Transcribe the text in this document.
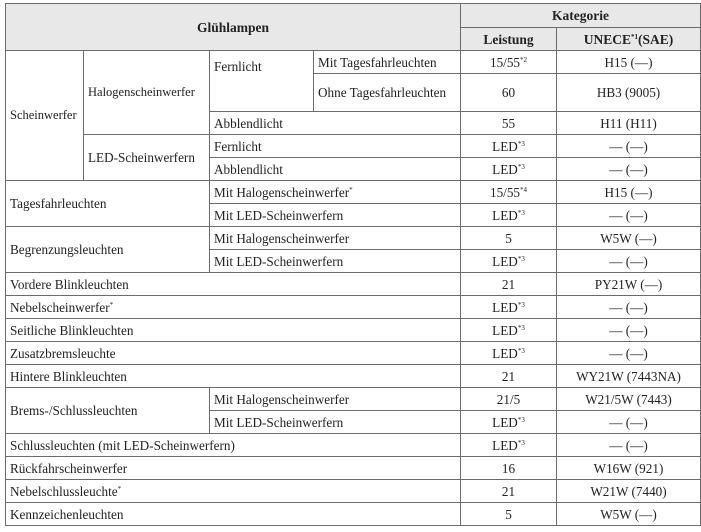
Glühlampen				Kategorie	
				Leistung	UNECE$^{*1}$(SAE)
Scheinwerfer	Halogenscheinwerfer	Fernlicht	Mit Tagesfahrleuchten	15/55$^{*2}$	H15 (—)
			Ohne Tagesfahrleuchten	60	HB3 (9005)
		Abblendlicht		55	H11 (H11)
	LED-Scheinwerfern	Fernlicht		LED$^{*3}$	— (—)
		Abblendlicht		LED$^{*3}$	— (—)
Tagesfahrleuchten		Mit Halogenscheinwerfer*		15/55$^{*4}$	H15 (—)
		Mit LED-Scheinwerfern		LED$^{*3}$	— (—)
Begrenzungsleuchten		Mit Halogenscheinwerfer		5	W5W (—)
		Mit LED-Scheinwerfern		LED$^{*3}$	— (—)
Vordere Blinkleuchten				21	PY21W (—)
Nebelscheinwerfer*				LED$^{*3}$	— (—)
Seitliche Blinkleuchten				LED$^{*3}$	— (—)
Zusatzbremsleuchte				LED$^{*3}$	— (—)
Hintere Blinkleuchten				21	WY21W (7443NA)
Brems-/Schlussleuchten		Mit Halogenscheinwerfer		21/5	W21/5W (7443)
		Mit LED-Scheinwerfern		LED$^{*3}$	— (—)
Schlussleuchten (mit LED-Scheinwerfern)				LED$^{*3}$	— (—)
Rückfahrscheinwerfer				16	W16W (921)
Nebelschlussleuchte*				21	W21W (7440)
Kennzeichenleuchten				5	W5W (—)
